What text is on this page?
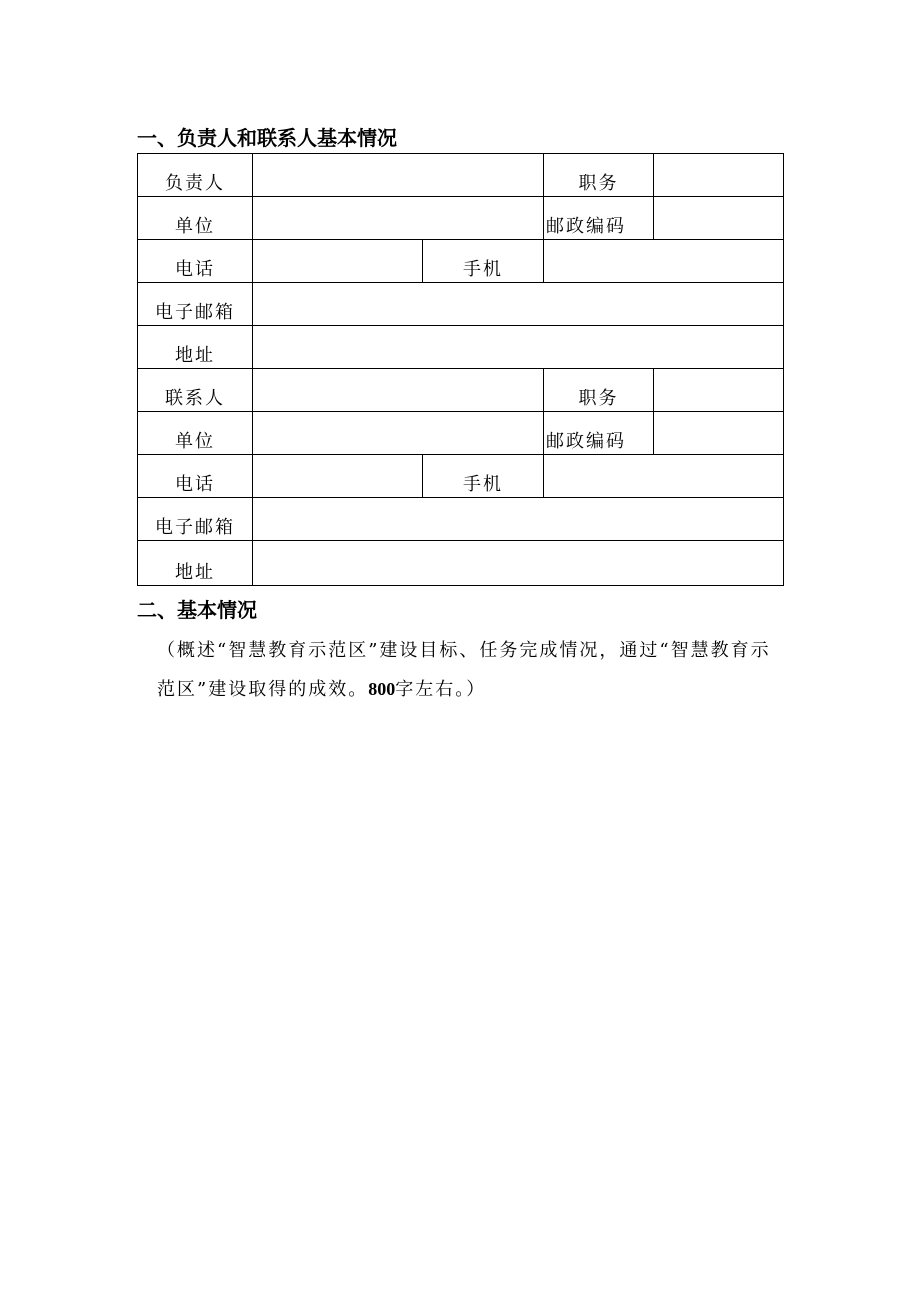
一、负责人和联系人基本情况
负责人			职务	
单位			邮政编码	
电话		手机		
电子邮箱				
地址				
联系人			职务	
单位			邮政编码	
电话		手机		
电子邮箱				
地址				
二、基本情况

（概述“智慧教育示范区”建设目标、任务完成情况，通过“智慧教育示范区”建设取得的成效。800字左右。）
